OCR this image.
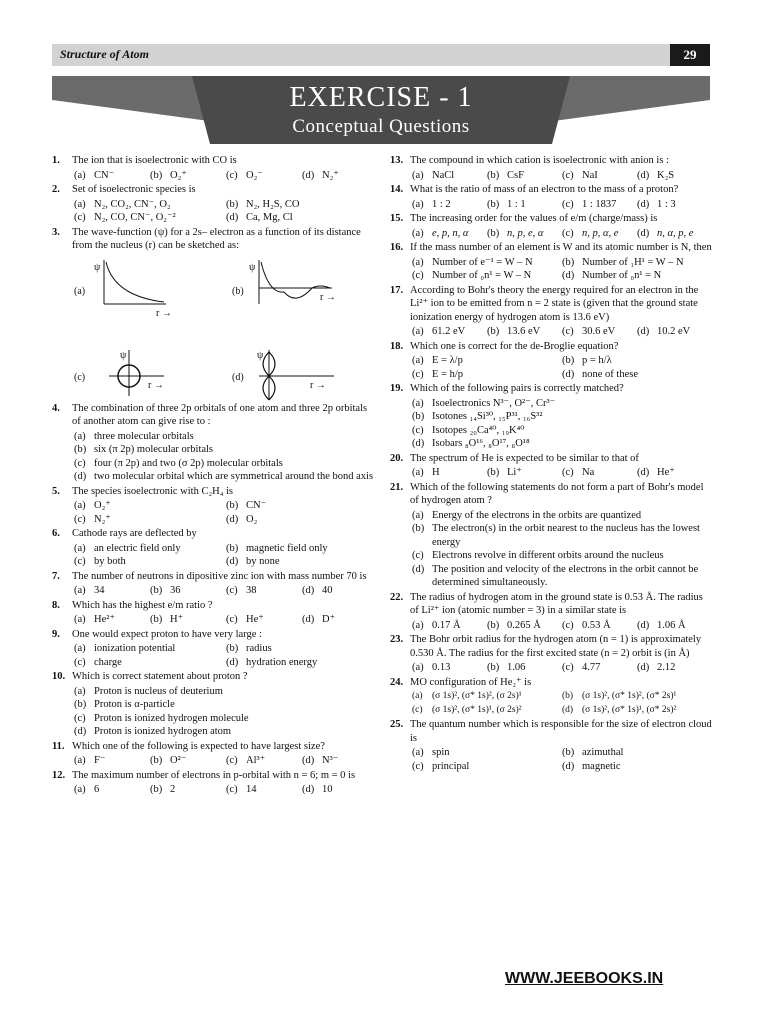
Structure of Atom	29
EXERCISE - 1
Conceptual Questions
1.	The ion that is isoelectronic with CO is
(a) CN⁻	(b) O₂⁺	(c) O₂⁻	(d) N₂⁺
2.	Set of isoelectronic species is
(a) N₂, CO₂, CN⁻, O₂	(b) N₂, H₂S, CO
(c) N₂, CO, CN⁻, O₂⁻²	(d) Ca, Mg, Cl
3.	The wave-function (ψ) for a 2s– electron as a function of its distance from the nucleus (r) can be sketched as:
(a)
ψ
r →
(b)
ψ
r →
(c)
ψ
r →
(d)
ψ
r →
4.	The combination of three 2p orbitals of one atom and three 2p orbitals of another atom can give rise to :
(a) three molecular orbitals
(b) six (π 2p) molecular orbitals
(c) four (π 2p) and two (σ 2p) molecular orbitals
(d) two molecular orbital which are symmetrical around the bond axis
5.	The species isoelectronic with C₂H₄ is
(a) O₂⁺	(b) CN⁻
(c) N₂⁺	(d) O₂
6.	Cathode rays are deflected by
(a) an electric field only	(b) magnetic field only
(c) by both	(d) by none
7.	The number of neutrons in dipositive zinc ion with mass number 70 is
(a) 34	(b) 36	(c) 38	(d) 40
8.	Which has the highest e/m ratio ?
(a) He²⁺	(b) H⁺	(c) He⁺	(d) D⁺
9.	One would expect proton to have very large :
(a) ionization potential	(b) radius
(c) charge	(d) hydration energy
10. Which is correct statement about proton ?
(a) Proton is nucleus of deuterium
(b) Proton is α-particle
(c) Proton is ionized hydrogen molecule
(d) Proton is ionized hydrogen atom
11. Which one of the following is expected to have largest size?
(a) F⁻	(b) O²⁻	(c) Al³⁺	(d) N³⁻
12. The maximum number of electrons in p-orbital with n = 6; m = 0 is
(a) 6	(b) 2	(c) 14	(d) 10
13. The compound in which cation is isoelectronic with anion is :
(a) NaCl	(b) CsF	(c) NaI	(d) K₂S
14. What is the ratio of mass of an electron to the mass of a proton?
(a) 1 : 2	(b) 1 : 1	(c) 1 : 1837 (d) 1 : 3
15. The increasing order for the values of e/m (charge/mass) is
(a) e, p, n, α (b) n, p, e, α (c) n, p, α, e (d) n, α, p, e
16. If the mass number of an element is W and its atomic number is N, then
(a) Number of e⁻¹ = W – N	(b) Number of ₁H¹ = W – N
(c) Number of ₀n¹ = W – N	(d) Number of ₀n¹ = N
17. According to Bohr's theory the energy required for an electron in the Li²⁺ ion to be emitted from n = 2 state is (given that the ground state ionization energy of hydrogen atom is 13.6 eV)
(a) 61.2 eV (b) 13.6 eV (c) 30.6 eV (d) 10.2 eV
18. Which one is correct for the de-Broglie equation?
(a) E = λ/p	(b) p = h/λ
(c) E = h/p	(d) none of these
19. Which of the following pairs is correctly matched?
(a) Isoelectronics N³⁻, O²⁻, Cr³⁻
(b) Isotones ₁₄Si³⁰, ₁₅P³¹, ₁₆S³²
(c) Isotopes ₂₀Ca⁴⁰, ₁₉K⁴⁰
(d) Isobars ₈O¹⁶, ₈O¹⁷, ₈O¹⁸
20. The spectrum of He is expected to be similar to that of
(a) H	(b) Li⁺	(c) Na	(d) He⁺
21. Which of the following statements do not form a part of Bohr's model of hydrogen atom ?
(a) Energy of the electrons in the orbits are quantized
(b) The electron(s) in the orbit nearest to the nucleus has the lowest energy
(c) Electrons revolve in different orbits around the nucleus
(d) The position and velocity of the electrons in the orbit cannot be determined simultaneously.
22. The radius of hydrogen atom in the ground state is 0.53 Å. The radius of Li²⁺ ion (atomic number = 3) in a similar state is
(a) 0.17 Å	(b) 0.265 Å (c) 0.53 Å	(d) 1.06 Å
23. The Bohr orbit radius for the hydrogen atom (n = 1) is approximately 0.530 Å. The radius for the first excited state (n = 2) orbit is (in Å)
(a) 0.13	(b) 1.06	(c) 4.77	(d) 2.12
24. MO configuration of He₂⁺ is
(a) (σ 1s)², (σ* 1s)², (σ 2s)¹	(b) (σ 1s)², (σ* 1s)², (σ* 2s)¹
(c) (σ 1s)², (σ* 1s)¹, (σ 2s)²	(d) (σ 1s)², (σ* 1s)¹, (σ* 2s)²
25. The quantum number which is responsible for the size of electron cloud is
(a) spin	(b) azimuthal
(c) principal	(d) magnetic
WWW.JEEBOOKS.IN
